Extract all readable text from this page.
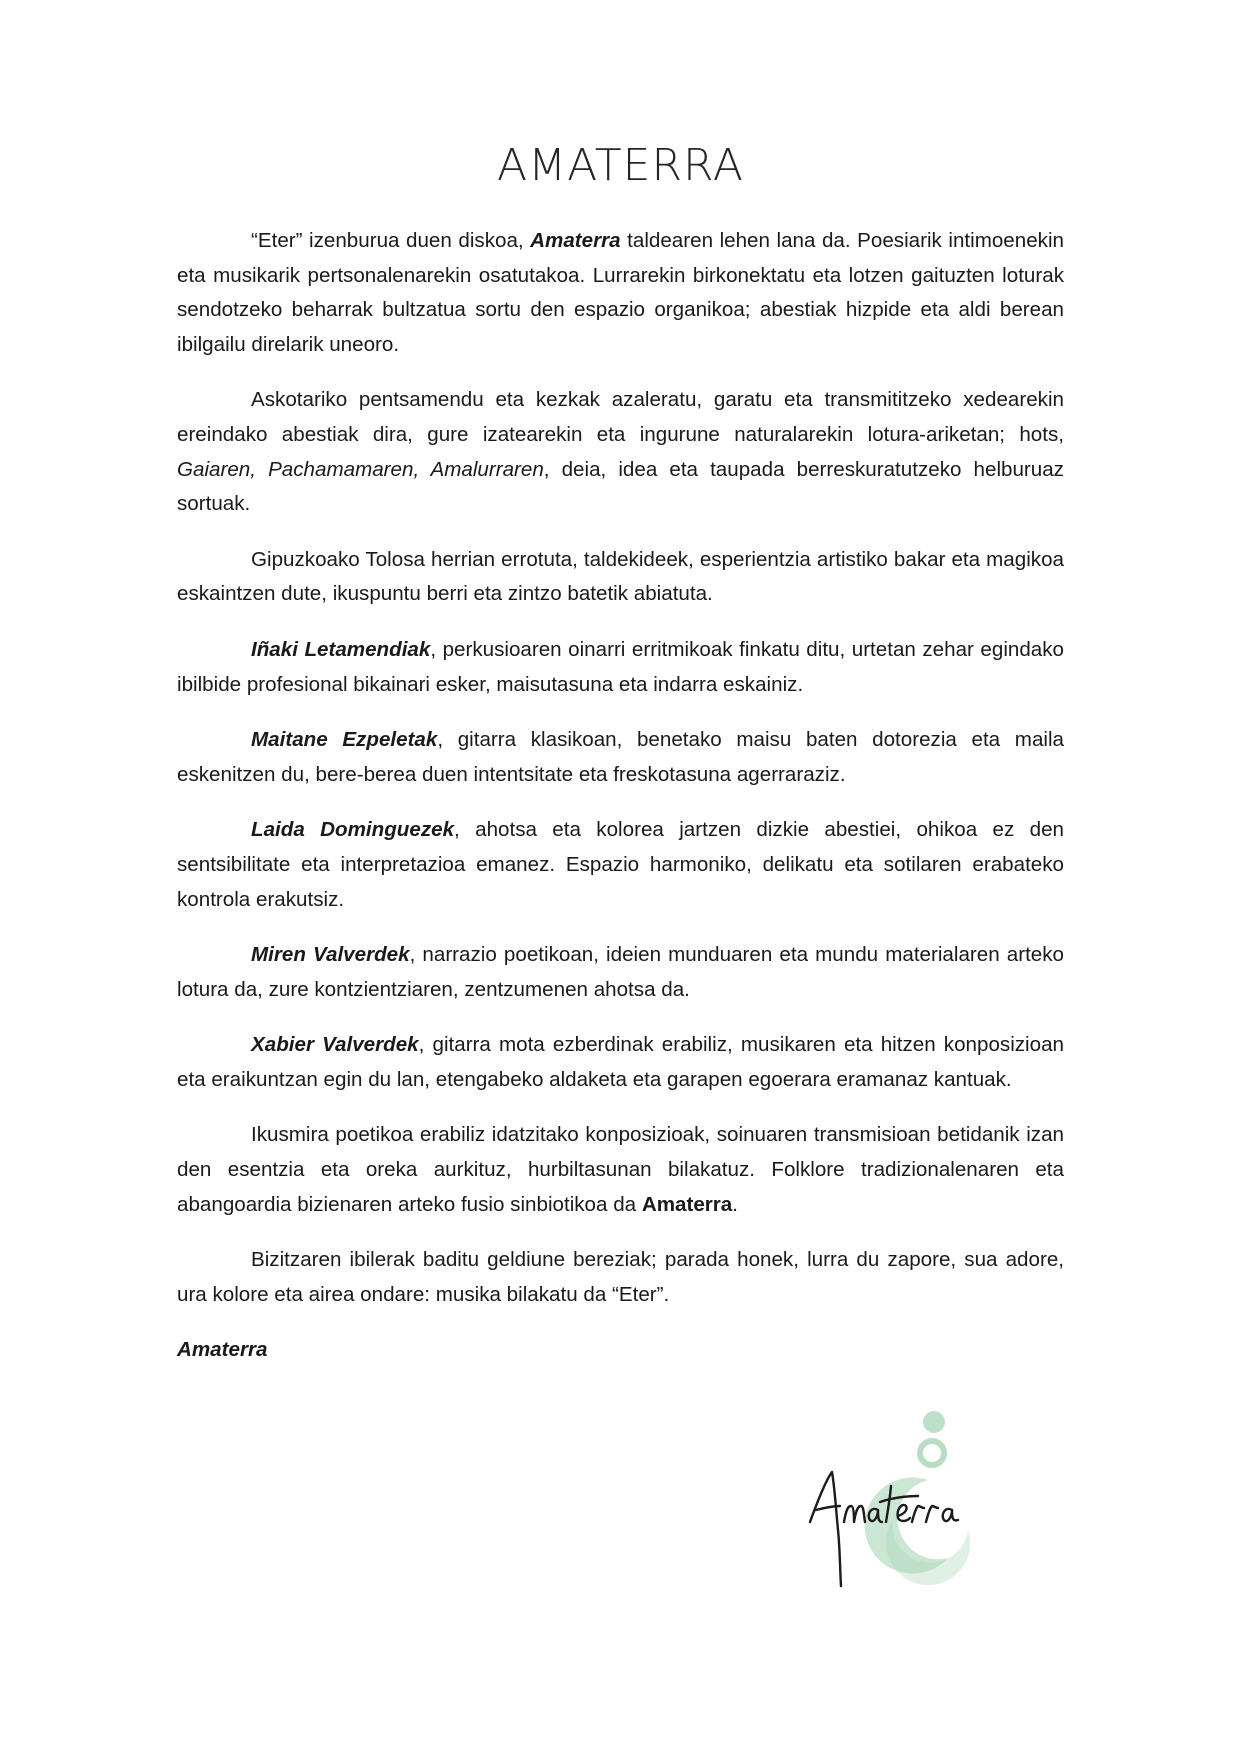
AMATERRA

“Eter” izenburua duen diskoa, Amaterra taldearen lehen lana da. Poesiarik intimoenekin eta musikarik pertsonalenarekin osatutakoa. Lurrarekin birkonektatu eta lotzen gaituzten loturak sendotzeko beharrak bultzatua sortu den espazio organikoa; abestiak hizpide eta aldi berean ibilgailu direlarik uneoro.

Askotariko pentsamendu eta kezkak azaleratu, garatu eta transmititzeko xedearekin ereindako abestiak dira, gure izatearekin eta ingurune naturalarekin lotura-ariketan; hots, Gaiaren, Pachamamaren, Amalurraren, deia, idea eta taupada berreskuratutzeko helburuaz sortuak.

Gipuzkoako Tolosa herrian errotuta, taldekideek, esperientzia artistiko bakar eta magikoa eskaintzen dute, ikuspuntu berri eta zintzo batetik abiatuta.

Iñaki Letamendiak, perkusioaren oinarri erritmikoak finkatu ditu, urtetan zehar egindako ibilbide profesional bikainari esker, maisutasuna eta indarra eskainiz.

Maitane Ezpeletak, gitarra klasikoan, benetako maisu baten dotorezia eta maila eskenitzen du, bere-berea duen intentsitate eta freskotasuna agerraraziz.

Laida Dominguezek, ahotsa eta kolorea jartzen dizkie abestiei, ohikoa ez den sentsibilitate eta interpretazioa emanez. Espazio harmoniko, delikatu eta sotilaren erabateko kontrola erakutsiz.

Miren Valverdek, narrazio poetikoan, ideien munduaren eta mundu materialaren arteko lotura da, zure kontzientziaren, zentzumenen ahotsa da.

Xabier Valverdek, gitarra mota ezberdinak erabiliz, musikaren eta hitzen konposizioan eta eraikuntzan egin du lan, etengabeko aldaketa eta garapen egoerara eramanaz kantuak.

Ikusmira poetikoa erabiliz idatzitako konposizioak, soinuaren transmisioan betidanik izan den esentzia eta oreka aurkituz, hurbiltasunan bilakatuz. Folklore tradizionalenaren eta abangoardia bizienaren arteko fusio sinbiotikoa da Amaterra.

Bizitzaren ibilerak baditu geldiune bereziak; parada honek, lurra du zapore, sua adore, ura kolore eta airea ondare: musika bilakatu da “Eter”.

Amaterra
